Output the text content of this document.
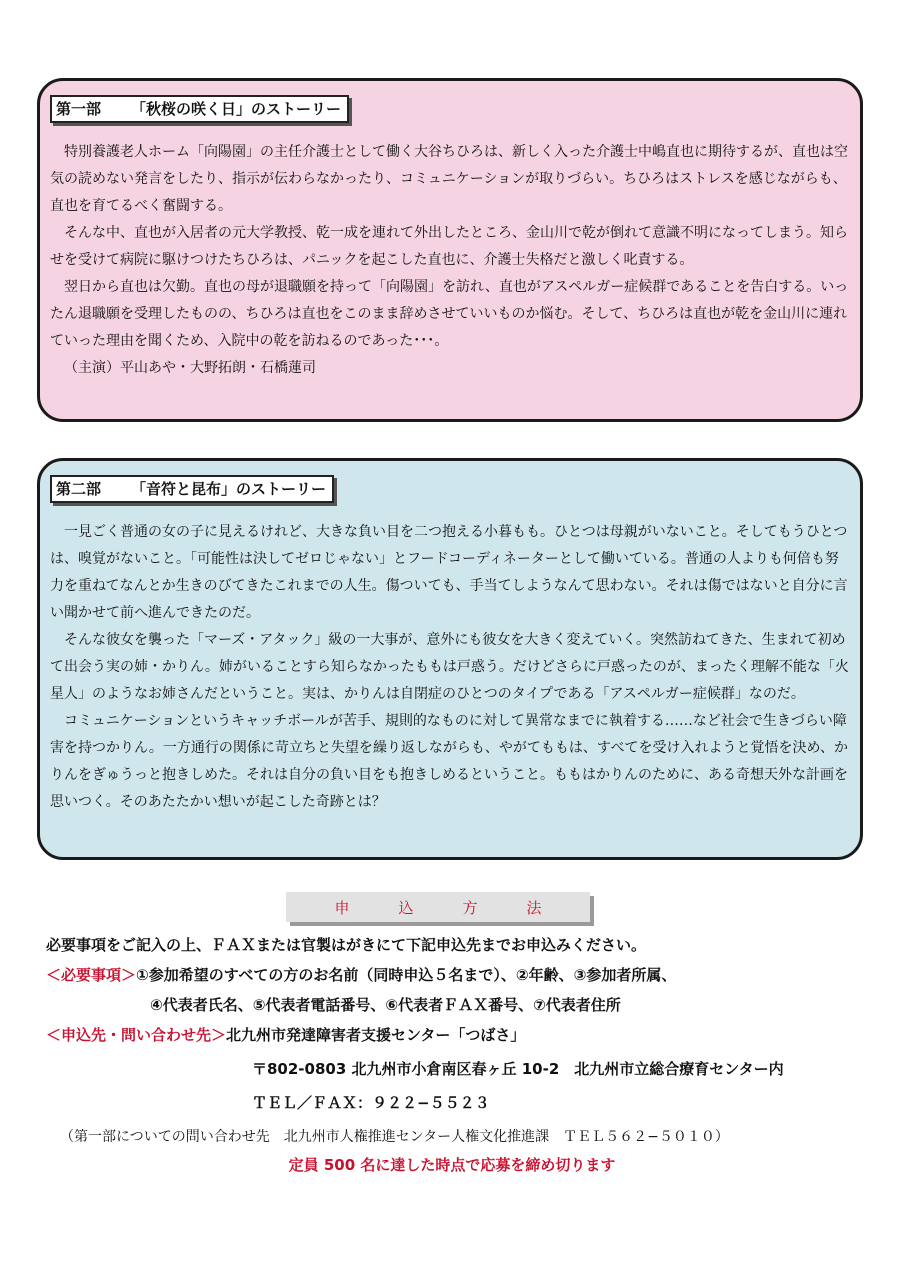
第一部 「秋桜の咲く日」のストーリー

特別養護老人ホーム「向陽園」の主任介護士として働く大谷ちひろは、新しく入った介護士中嶋直也に期待するが、直也は空気の読めない発言をしたり、指示が伝わらなかったり、コミュニケーションが取りづらい。ちひろはストレスを感じながらも、直也を育てるべく奮闘する。

そんな中、直也が入居者の元大学教授、乾一成を連れて外出したところ、金山川で乾が倒れて意識不明になってしまう。知らせを受けて病院に駆けつけたちひろは、パニックを起こした直也に、介護士失格だと激しく叱責する。

翌日から直也は欠勤。直也の母が退職願を持って「向陽園」を訪れ、直也がアスペルガー症候群であることを告白する。いったん退職願を受理したものの、ちひろは直也をこのまま辞めさせていいものか悩む。そして、ちひろは直也が乾を金山川に連れていった理由を聞くため、入院中の乾を訪ねるのであった･･･。

（主演）平山あや・大野拓朗・石橋蓮司

第二部 「音符と昆布」のストーリー

一見ごく普通の女の子に見えるけれど、大きな負い目を二つ抱える小暮もも。ひとつは母親がいないこと。そしてもうひとつは、嗅覚がないこと。「可能性は決してゼロじゃない」とフードコーディネーターとして働いている。普通の人よりも何倍も努力を重ねてなんとか生きのびてきたこれまでの人生。傷ついても、手当てしようなんて思わない。それは傷ではないと自分に言い聞かせて前へ進んできたのだ。

そんな彼女を襲った「マーズ・アタック」級の一大事が、意外にも彼女を大きく変えていく。突然訪ねてきた、生まれて初めて出会う実の姉・かりん。姉がいることすら知らなかったももは戸惑う。だけどさらに戸惑ったのが、まったく理解不能な「火星人」のようなお姉さんだということ。実は、かりんは自閉症のひとつのタイプである「アスペルガー症候群」なのだ。

コミュニケーションというキャッチボールが苦手、規則的なものに対して異常なまでに執着する……など社会で生きづらい障害を持つかりん。一方通行の関係に苛立ちと失望を繰り返しながらも、やがてももは、すべてを受け入れようと覚悟を決め、かりんをぎゅうっと抱きしめた。それは自分の負い目をも抱きしめるということ。ももはかりんのために、ある奇想天外な計画を思いつく。そのあたたかい想いが起こした奇跡とは？

申	込	方	法
必要事項をご記入の上、ＦＡＸまたは官製はがきにて下記申込先までお申込みください。
＜必要事項＞①参加希望のすべての方のお名前（同時申込５名まで）、②年齢、③参加者所属、
④代表者氏名、⑤代表者電話番号、⑥代表者ＦＡＸ番号、⑦代表者住所
＜申込先・問い合わせ先＞北九州市発達障害者支援センター「つばさ」
〒802-0803 北九州市小倉南区春ヶ丘 10-2　北九州市立総合療育センター内
ＴＥＬ／ＦＡＸ：９２２−５５２３
（第一部についての問い合わせ先　北九州市人権推進センター人権文化推進課　ＴＥＬ５６２−５０１０）
定員 500 名に達した時点で応募を締め切ります
